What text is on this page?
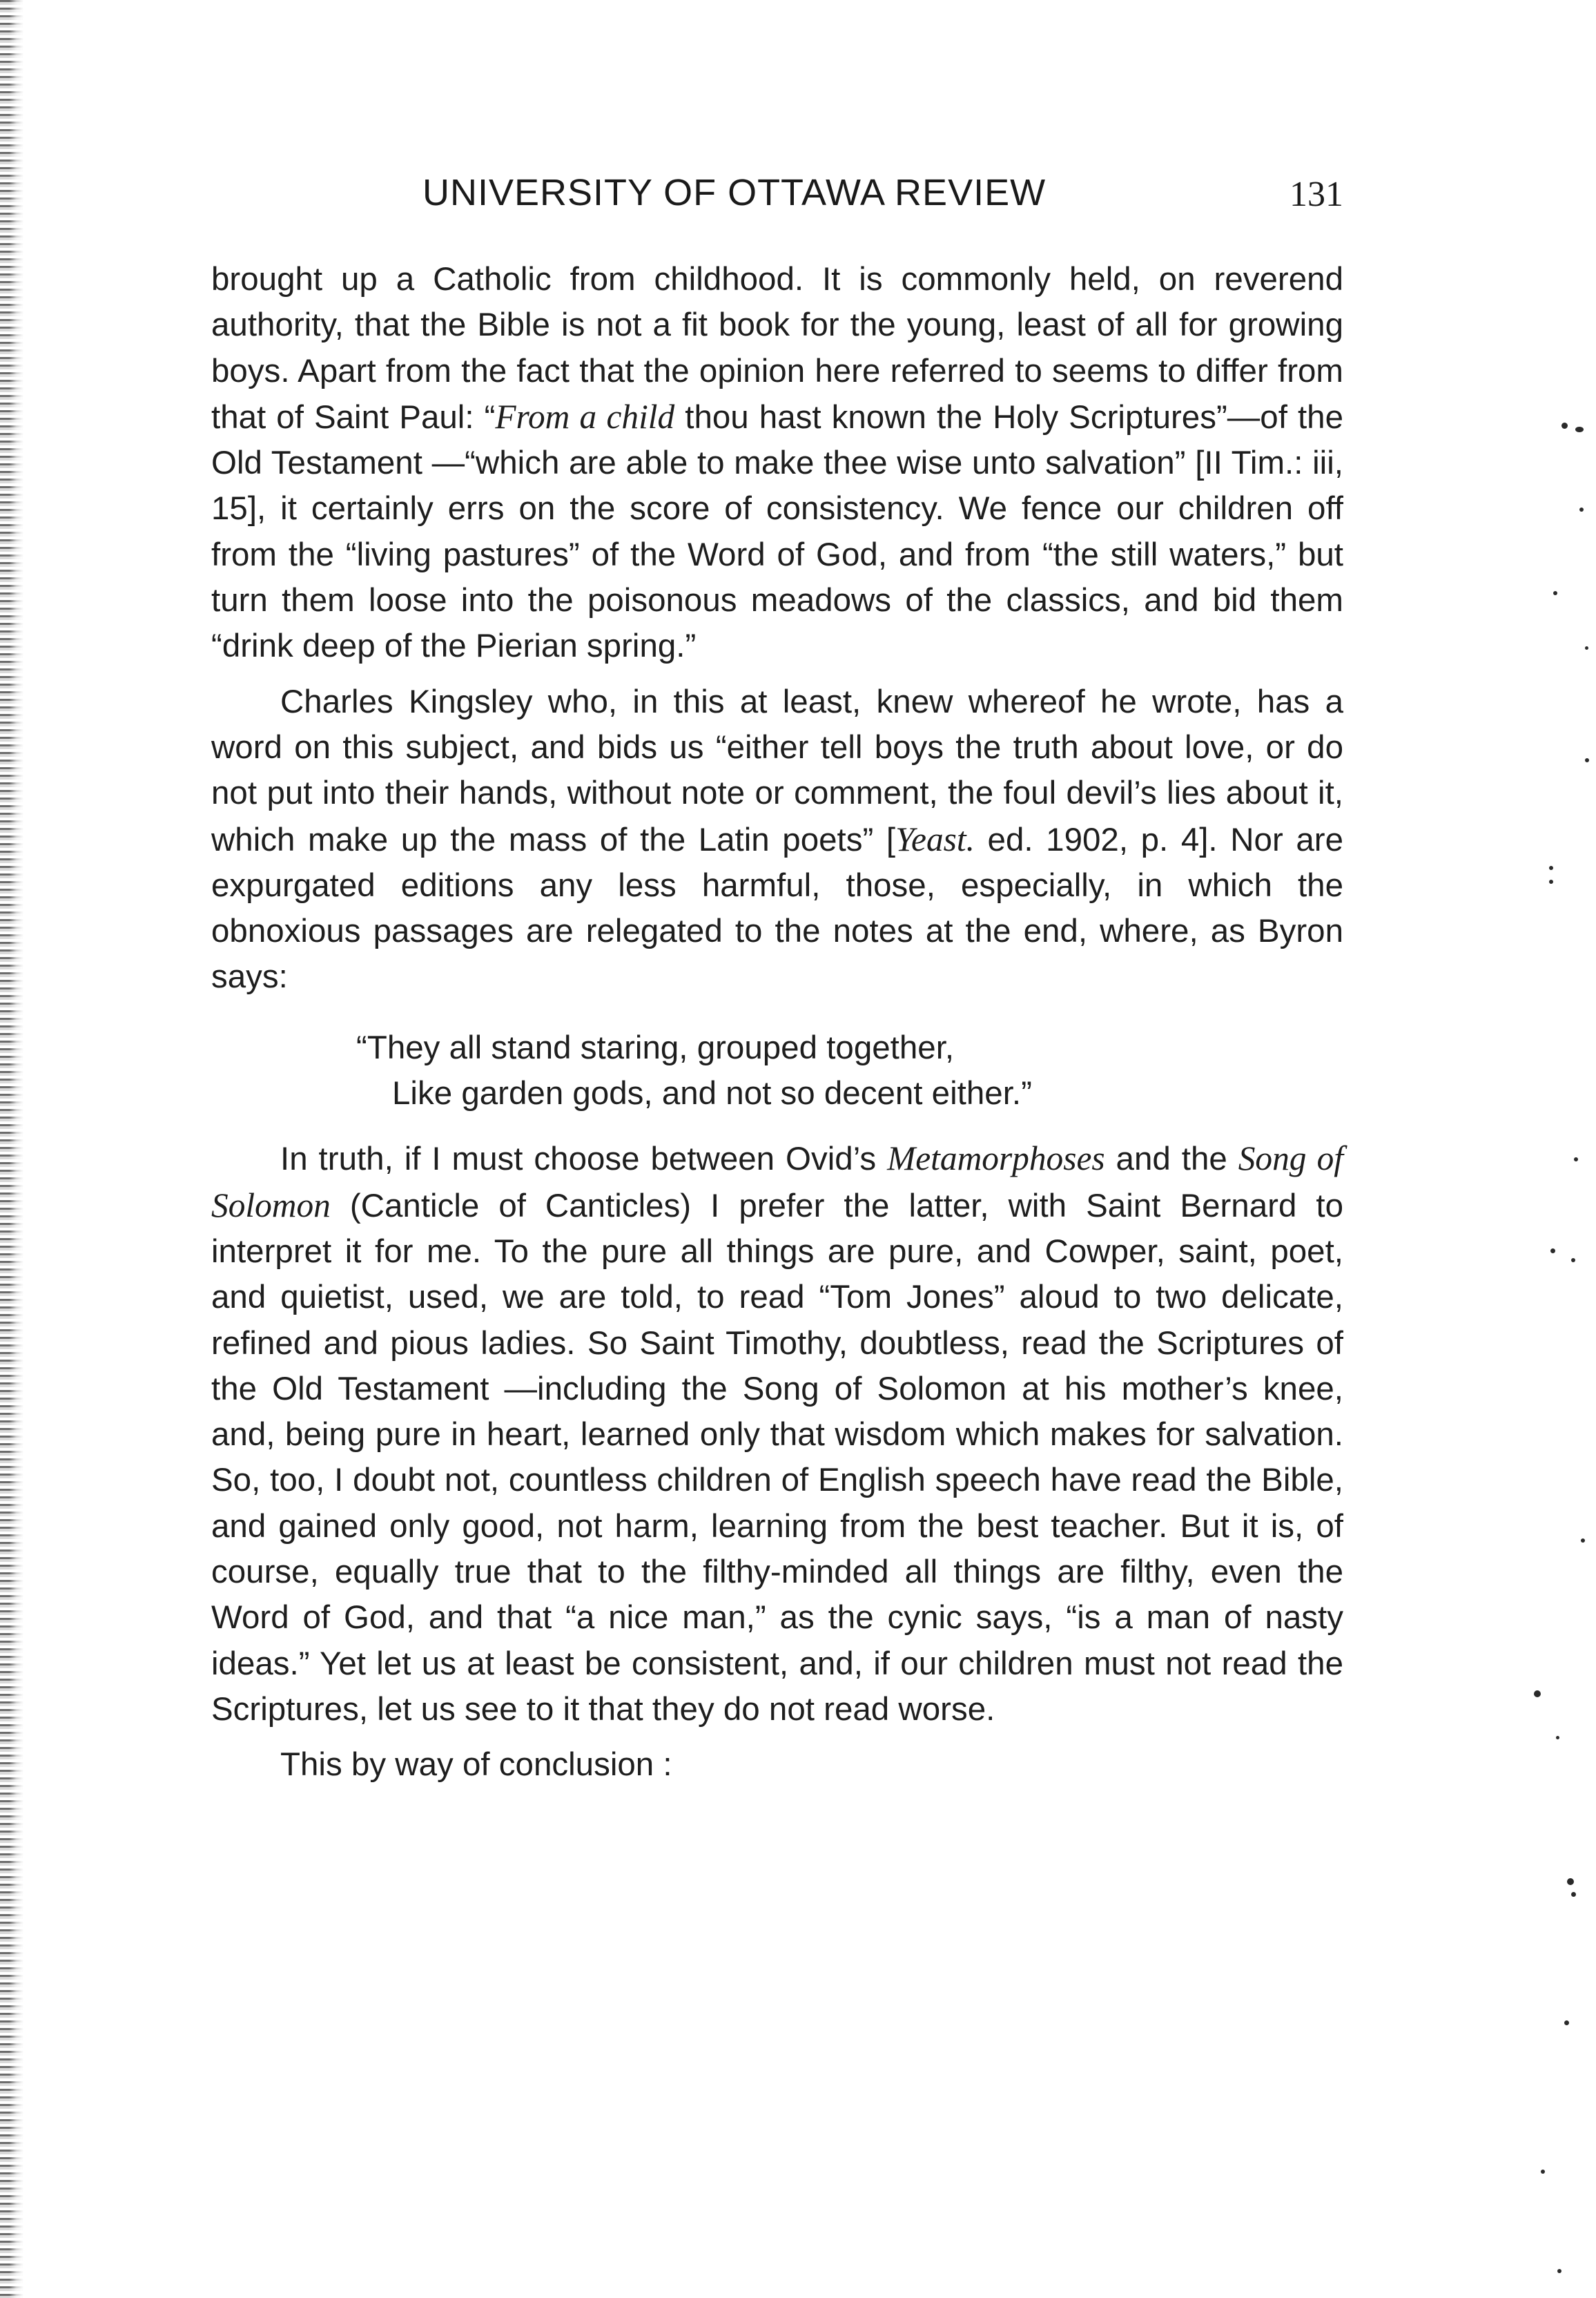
UNIVERSITY OF OTTAWA REVIEW	131

brought up a Catholic from childhood. It is commonly held, on reverend authority, that the Bible is not a fit book for the young, least of all for growing boys. Apart from the fact that the opinion here referred to seems to differ from that of Saint Paul: “From a child thou hast known the Holy Scriptures”—of the Old Testament —“which are able to make thee wise unto salvation” [II Tim.: iii, 15], it certainly errs on the score of consistency. We fence our children off from the “living pastures” of the Word of God, and from “the still waters,” but turn them loose into the poisonous meadows of the classics, and bid them “drink deep of the Pierian spring.”

Charles Kingsley who, in this at least, knew whereof he wrote, has a word on this subject, and bids us “either tell boys the truth about love, or do not put into their hands, without note or comment, the foul devil’s lies about it, which make up the mass of the Latin poets” [Yeast. ed. 1902, p. 4]. Nor are expurgated editions any less harmful, those, especially, in which the obnoxious passages are relegated to the notes at the end, where, as Byron says:

“They all stand staring, grouped together,
Like garden gods, and not so decent either.”

In truth, if I must choose between Ovid’s Metamorphoses and the Song of Solomon (Canticle of Canticles) I prefer the latter, with Saint Bernard to interpret it for me. To the pure all things are pure, and Cowper, saint, poet, and quietist, used, we are told, to read “Tom Jones” aloud to two delicate, refined and pious ladies. So Saint Timothy, doubtless, read the Scriptures of the Old Testament —including the Song of Solomon at his mother’s knee, and, being pure in heart, learned only that wisdom which makes for salvation. So, too, I doubt not, countless children of English speech have read the Bible, and gained only good, not harm, learning from the best teacher. But it is, of course, equally true that to the filthy-minded all things are filthy, even the Word of God, and that “a nice man,” as the cynic says, “is a man of nasty ideas.” Yet let us at least be consistent, and, if our children must not read the Scriptures, let us see to it that they do not read worse.

This by way of conclusion :
